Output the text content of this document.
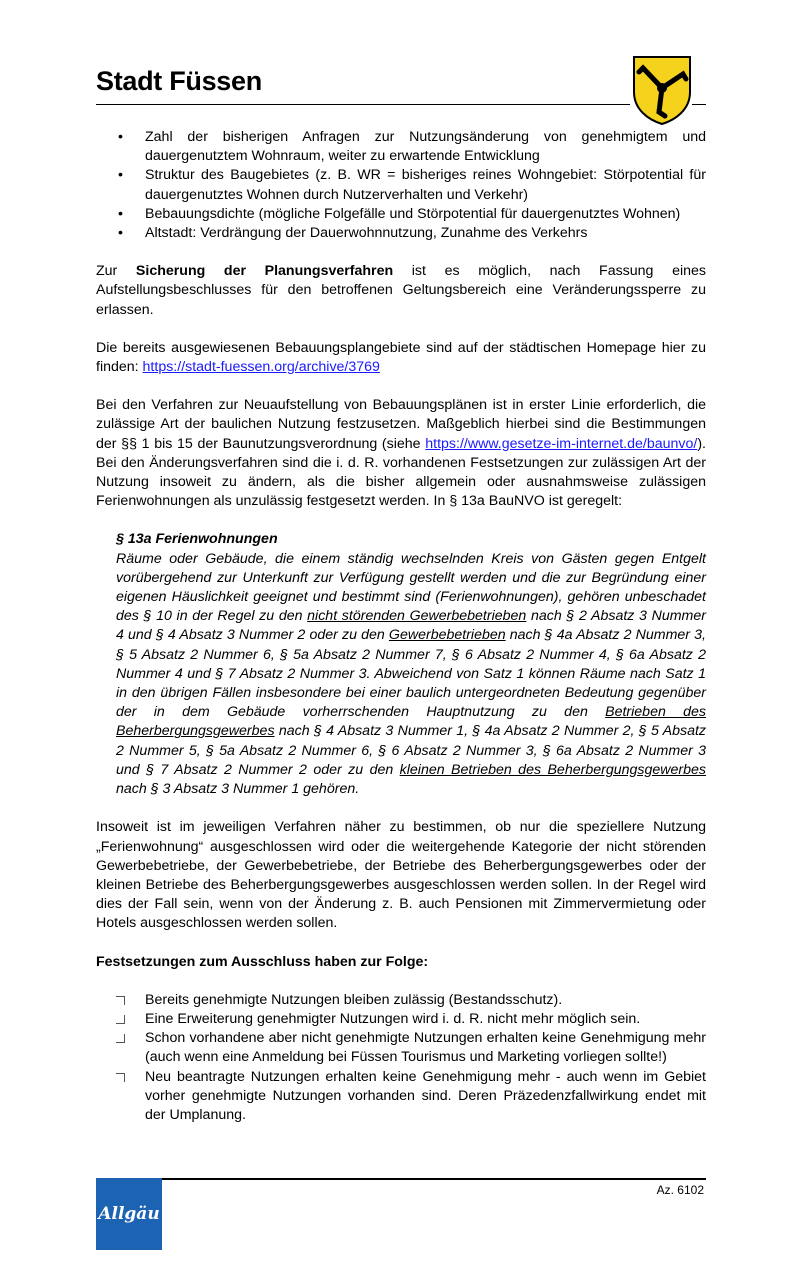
Stadt Füssen
• Zahl der bisherigen Anfragen zur Nutzungsänderung von genehmigtem und dauergenutztem Wohnraum, weiter zu erwartende Entwicklung
• Struktur des Baugebietes (z. B. WR = bisheriges reines Wohngebiet: Störpotential für dauergenutztes Wohnen durch Nutzerverhalten und Verkehr)
• Bebauungsdichte (mögliche Folgefälle und Störpotential für dauergenutztes Wohnen)
• Altstadt: Verdrängung der Dauerwohnnutzung, Zunahme des Verkehrs

Zur Sicherung der Planungsverfahren ist es möglich, nach Fassung eines Aufstellungsbeschlusses für den betroffenen Geltungsbereich eine Veränderungssperre zu erlassen.

Die bereits ausgewiesenen Bebauungsplangebiete sind auf der städtischen Homepage hier zu finden: https://stadt-fuessen.org/archive/3769

Bei den Verfahren zur Neuaufstellung von Bebauungsplänen ist in erster Linie erforderlich, die zulässige Art der baulichen Nutzung festzusetzen. Maßgeblich hierbei sind die Bestimmungen der §§ 1 bis 15 der Baunutzungsverordnung (siehe https://www.gesetze-im-internet.de/baunvo/). Bei den Änderungsverfahren sind die i. d. R. vorhandenen Festsetzungen zur zulässigen Art der Nutzung insoweit zu ändern, als die bisher allgemein oder ausnahmsweise zulässigen Ferienwohnungen als unzulässig festgesetzt werden. In § 13a BauNVO ist geregelt:

§ 13a Ferienwohnungen
Räume oder Gebäude, die einem ständig wechselnden Kreis von Gästen gegen Entgelt vorübergehend zur Unterkunft zur Verfügung gestellt werden und die zur Begründung einer eigenen Häuslichkeit geeignet und bestimmt sind (Ferienwohnungen), gehören unbeschadet des § 10 in der Regel zu den nicht störenden Gewerbebetrieben nach § 2 Absatz 3 Nummer 4 und § 4 Absatz 3 Nummer 2 oder zu den Gewerbebetrieben nach § 4a Absatz 2 Nummer 3, § 5 Absatz 2 Nummer 6, § 5a Absatz 2 Nummer 7, § 6 Absatz 2 Nummer 4, § 6a Absatz 2 Nummer 4 und § 7 Absatz 2 Nummer 3. Abweichend von Satz 1 können Räume nach Satz 1 in den übrigen Fällen insbesondere bei einer baulich untergeordneten Bedeutung gegenüber der in dem Gebäude vorherrschenden Hauptnutzung zu den Betrieben des Beherbergungsgewerbes nach § 4 Absatz 3 Nummer 1, § 4a Absatz 2 Nummer 2, § 5 Absatz 2 Nummer 5, § 5a Absatz 2 Nummer 6, § 6 Absatz 2 Nummer 3, § 6a Absatz 2 Nummer 3 und § 7 Absatz 2 Nummer 2 oder zu den kleinen Betrieben des Beherbergungsgewerbes nach § 3 Absatz 3 Nummer 1 gehören.

Insoweit ist im jeweiligen Verfahren näher zu bestimmen, ob nur die speziellere Nutzung „Ferienwohnung“ ausgeschlossen wird oder die weitergehende Kategorie der nicht störenden Gewerbebetriebe, der Gewerbebetriebe, der Betriebe des Beherbergungsgewerbes oder der kleinen Betriebe des Beherbergungsgewerbes ausgeschlossen werden sollen. In der Regel wird dies der Fall sein, wenn von der Änderung z. B. auch Pensionen mit Zimmervermietung oder Hotels ausgeschlossen werden sollen.

Festsetzungen zum Ausschluss haben zur Folge:

Bereits genehmigte Nutzungen bleiben zulässig (Bestandsschutz).
Eine Erweiterung genehmigter Nutzungen wird i. d. R. nicht mehr möglich sein.
Schon vorhandene aber nicht genehmigte Nutzungen erhalten keine Genehmigung mehr (auch wenn eine Anmeldung bei Füssen Tourismus und Marketing vorliegen sollte!)
Neu beantragte Nutzungen erhalten keine Genehmigung mehr - auch wenn im Gebiet vorher genehmigte Nutzungen vorhanden sind. Deren Präzedenzfallwirkung endet mit der Umplanung.
Az. 6102
Allgäu
